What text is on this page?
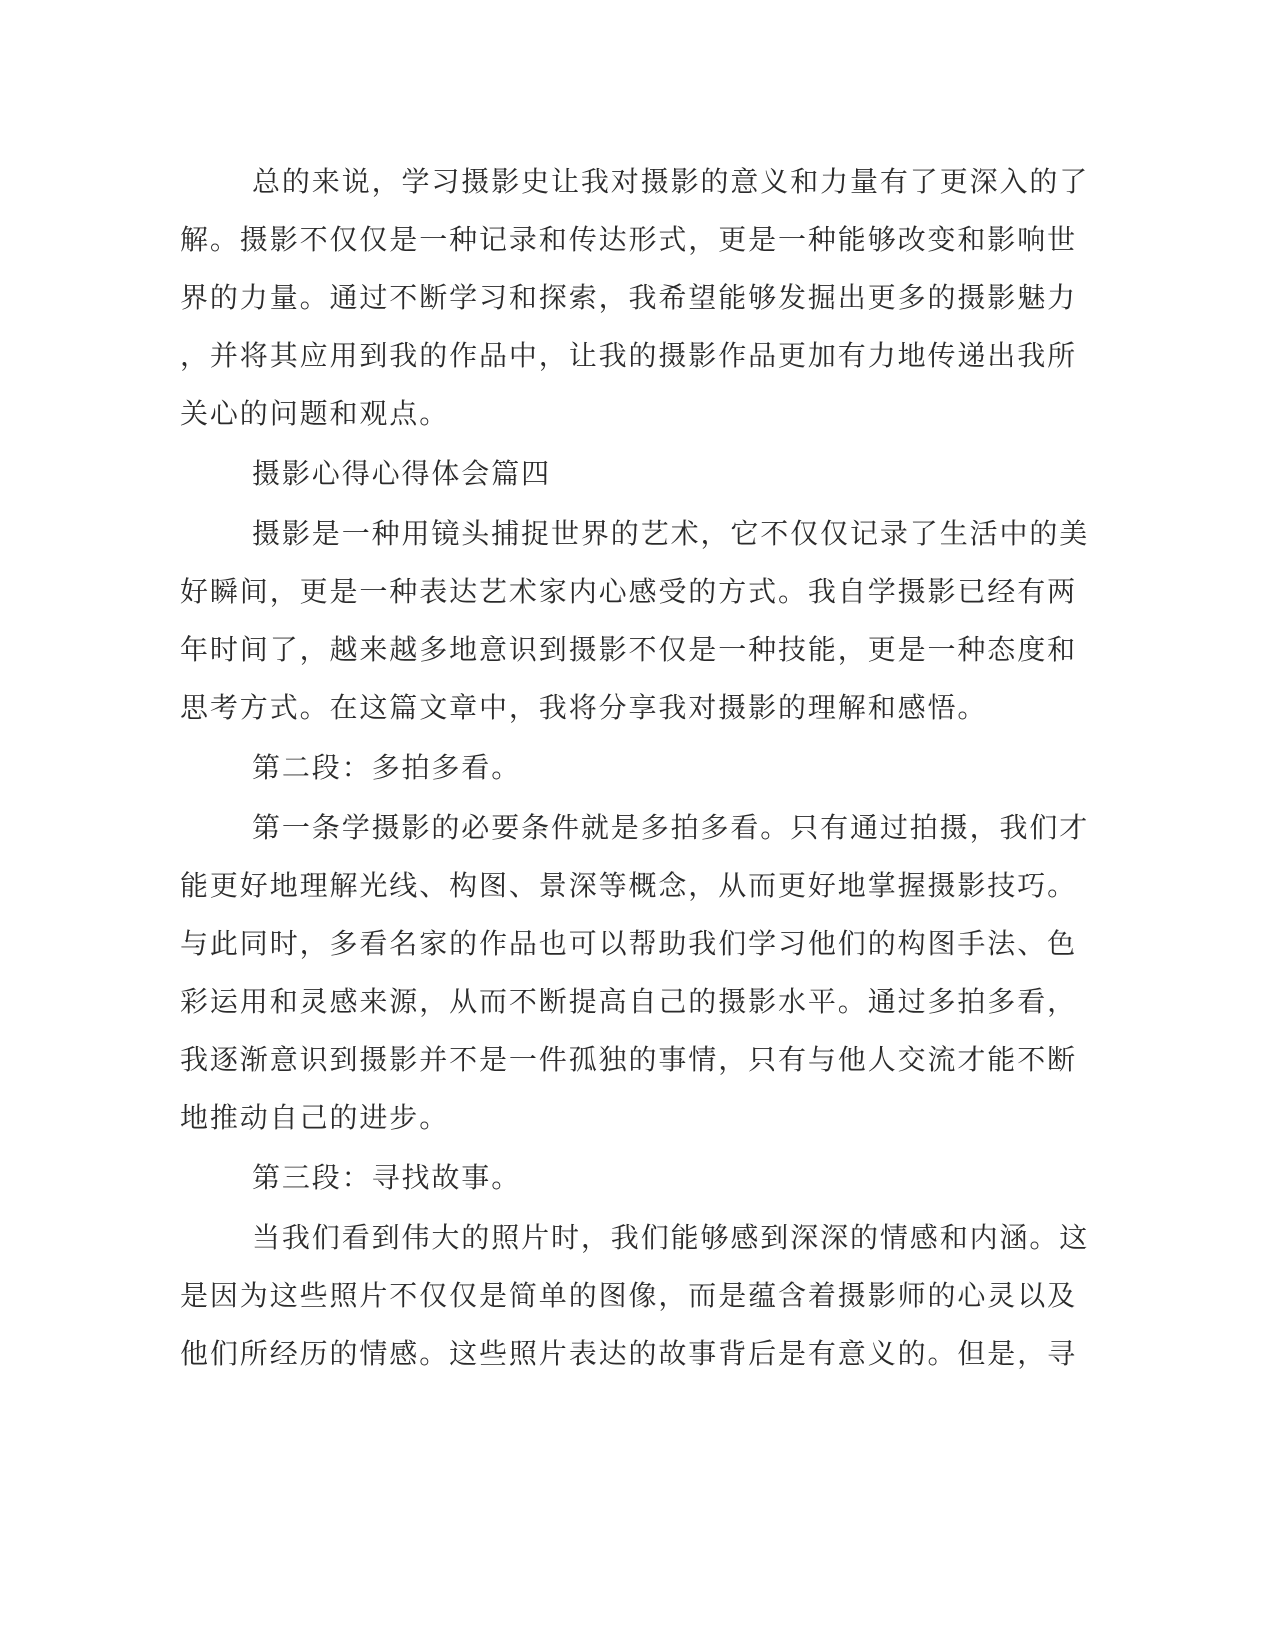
总的来说，学习摄影史让我对摄影的意义和力量有了更深入的了

解。摄影不仅仅是一种记录和传达形式，更是一种能够改变和影响世

界的力量。通过不断学习和探索，我希望能够发掘出更多的摄影魅力

，并将其应用到我的作品中，让我的摄影作品更加有力地传递出我所

关心的问题和观点。

摄影心得心得体会篇四

摄影是一种用镜头捕捉世界的艺术，它不仅仅记录了生活中的美

好瞬间，更是一种表达艺术家内心感受的方式。我自学摄影已经有两

年时间了，越来越多地意识到摄影不仅是一种技能，更是一种态度和

思考方式。在这篇文章中，我将分享我对摄影的理解和感悟。

第二段：多拍多看。

第一条学摄影的必要条件就是多拍多看。只有通过拍摄，我们才

能更好地理解光线、构图、景深等概念，从而更好地掌握摄影技巧。

与此同时，多看名家的作品也可以帮助我们学习他们的构图手法、色

彩运用和灵感来源，从而不断提高自己的摄影水平。通过多拍多看，

我逐渐意识到摄影并不是一件孤独的事情，只有与他人交流才能不断

地推动自己的进步。

第三段：寻找故事。

当我们看到伟大的照片时，我们能够感到深深的情感和内涵。这

是因为这些照片不仅仅是简单的图像，而是蕴含着摄影师的心灵以及

他们所经历的情感。这些照片表达的故事背后是有意义的。但是，寻
